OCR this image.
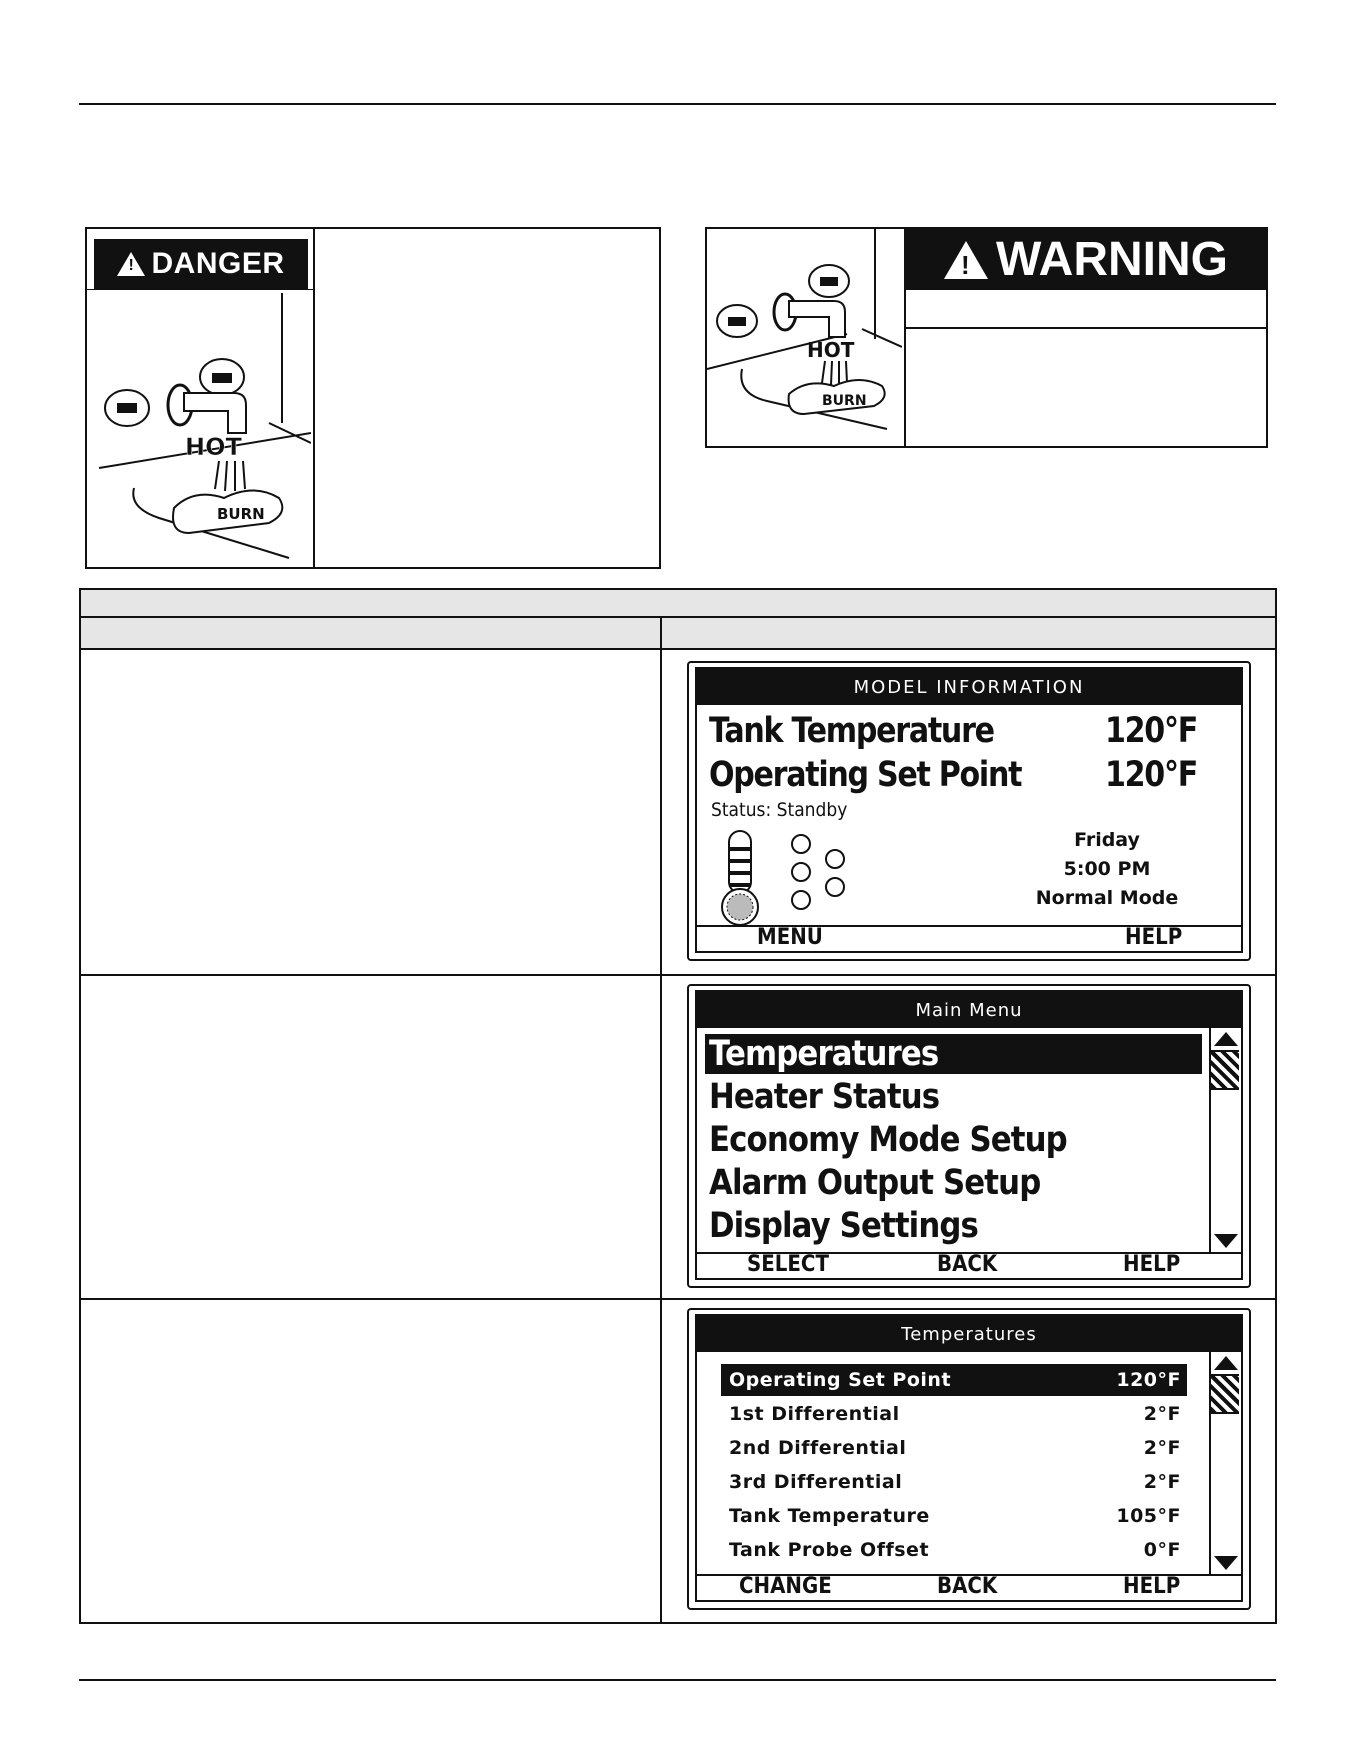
!
DANGER
HOT
BURN
!
WARNING
HOT
BURN
MODEL INFORMATION
Tank Temperature	120°F
Operating Set Point 120°F
Status: Standby
Friday
5:00 PM
Normal Mode
MENU	HELP
Main Menu
Temperatures
Heater Status
Economy Mode Setup
Alarm Output Setup
Display Settings
SELECT	BACK	HELP
Temperatures
Operating Set Point	120°F
1st Differential	2°F
2nd Differential	2°F
3rd Differential	2°F
Tank Temperature	105°F
Tank Probe Offset	0°F
CHANGE	BACK	HELP
